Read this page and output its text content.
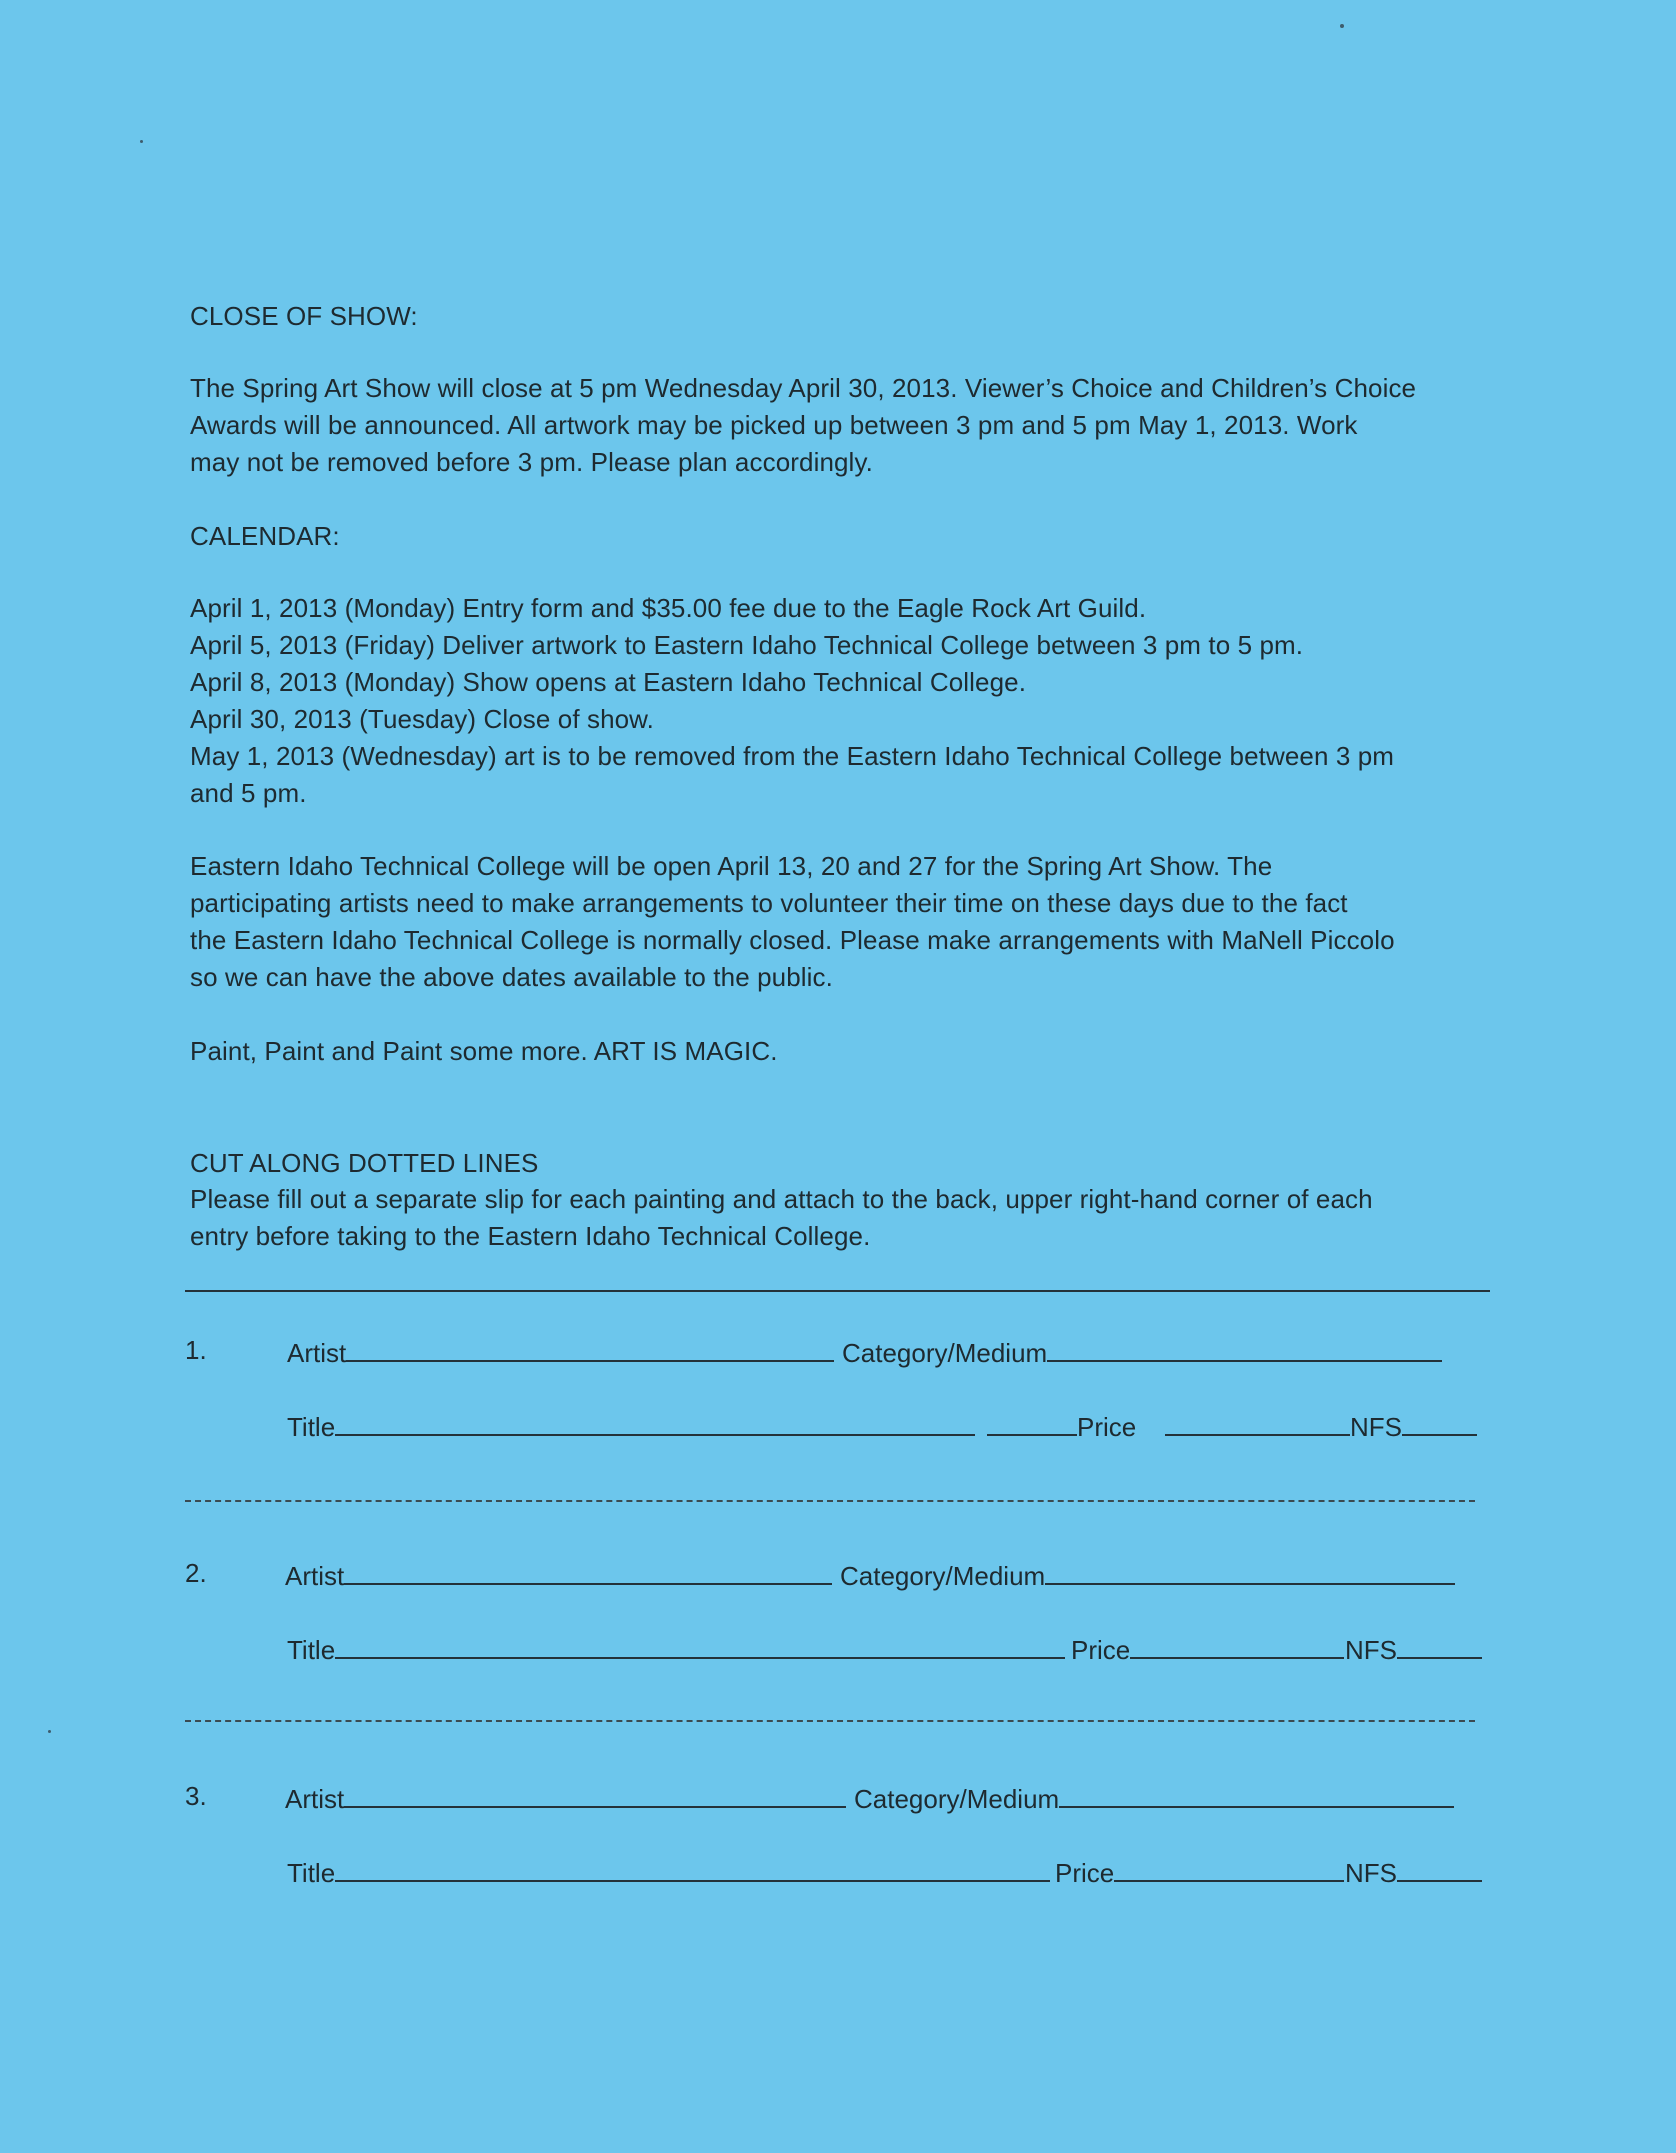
CLOSE OF SHOW:
The Spring Art Show will close at 5 pm Wednesday April 30, 2013. Viewer’s Choice and Children’s Choice
Awards will be announced. All artwork may be picked up between 3 pm and 5 pm May 1, 2013. Work
may not be removed before 3 pm. Please plan accordingly.
CALENDAR:
April 1, 2013 (Monday) Entry form and $35.00 fee due to the Eagle Rock Art Guild.
April 5, 2013 (Friday) Deliver artwork to Eastern Idaho Technical College between 3 pm to 5 pm.
April 8, 2013 (Monday) Show opens at Eastern Idaho Technical College.
April 30, 2013 (Tuesday) Close of show.
May 1, 2013 (Wednesday) art is to be removed from the Eastern Idaho Technical College between 3 pm
and 5 pm.
Eastern Idaho Technical College will be open April 13, 20 and 27 for the Spring Art Show. The
participating artists need to make arrangements to volunteer their time on these days due to the fact
the Eastern Idaho Technical College is normally closed. Please make arrangements with MaNell Piccolo
so we can have the above dates available to the public.
Paint, Paint and Paint some more. ART IS MAGIC.
CUT ALONG DOTTED LINES
Please fill out a separate slip for each painting and attach to the back, upper right-hand corner of each
entry before taking to the Eastern Idaho Technical College.
1.	Artist	Category/Medium
Title	Price	NFS
2.	Artist	Category/Medium
Title	Price	NFS
3.	Artist	Category/Medium
Title	Price	NFS
